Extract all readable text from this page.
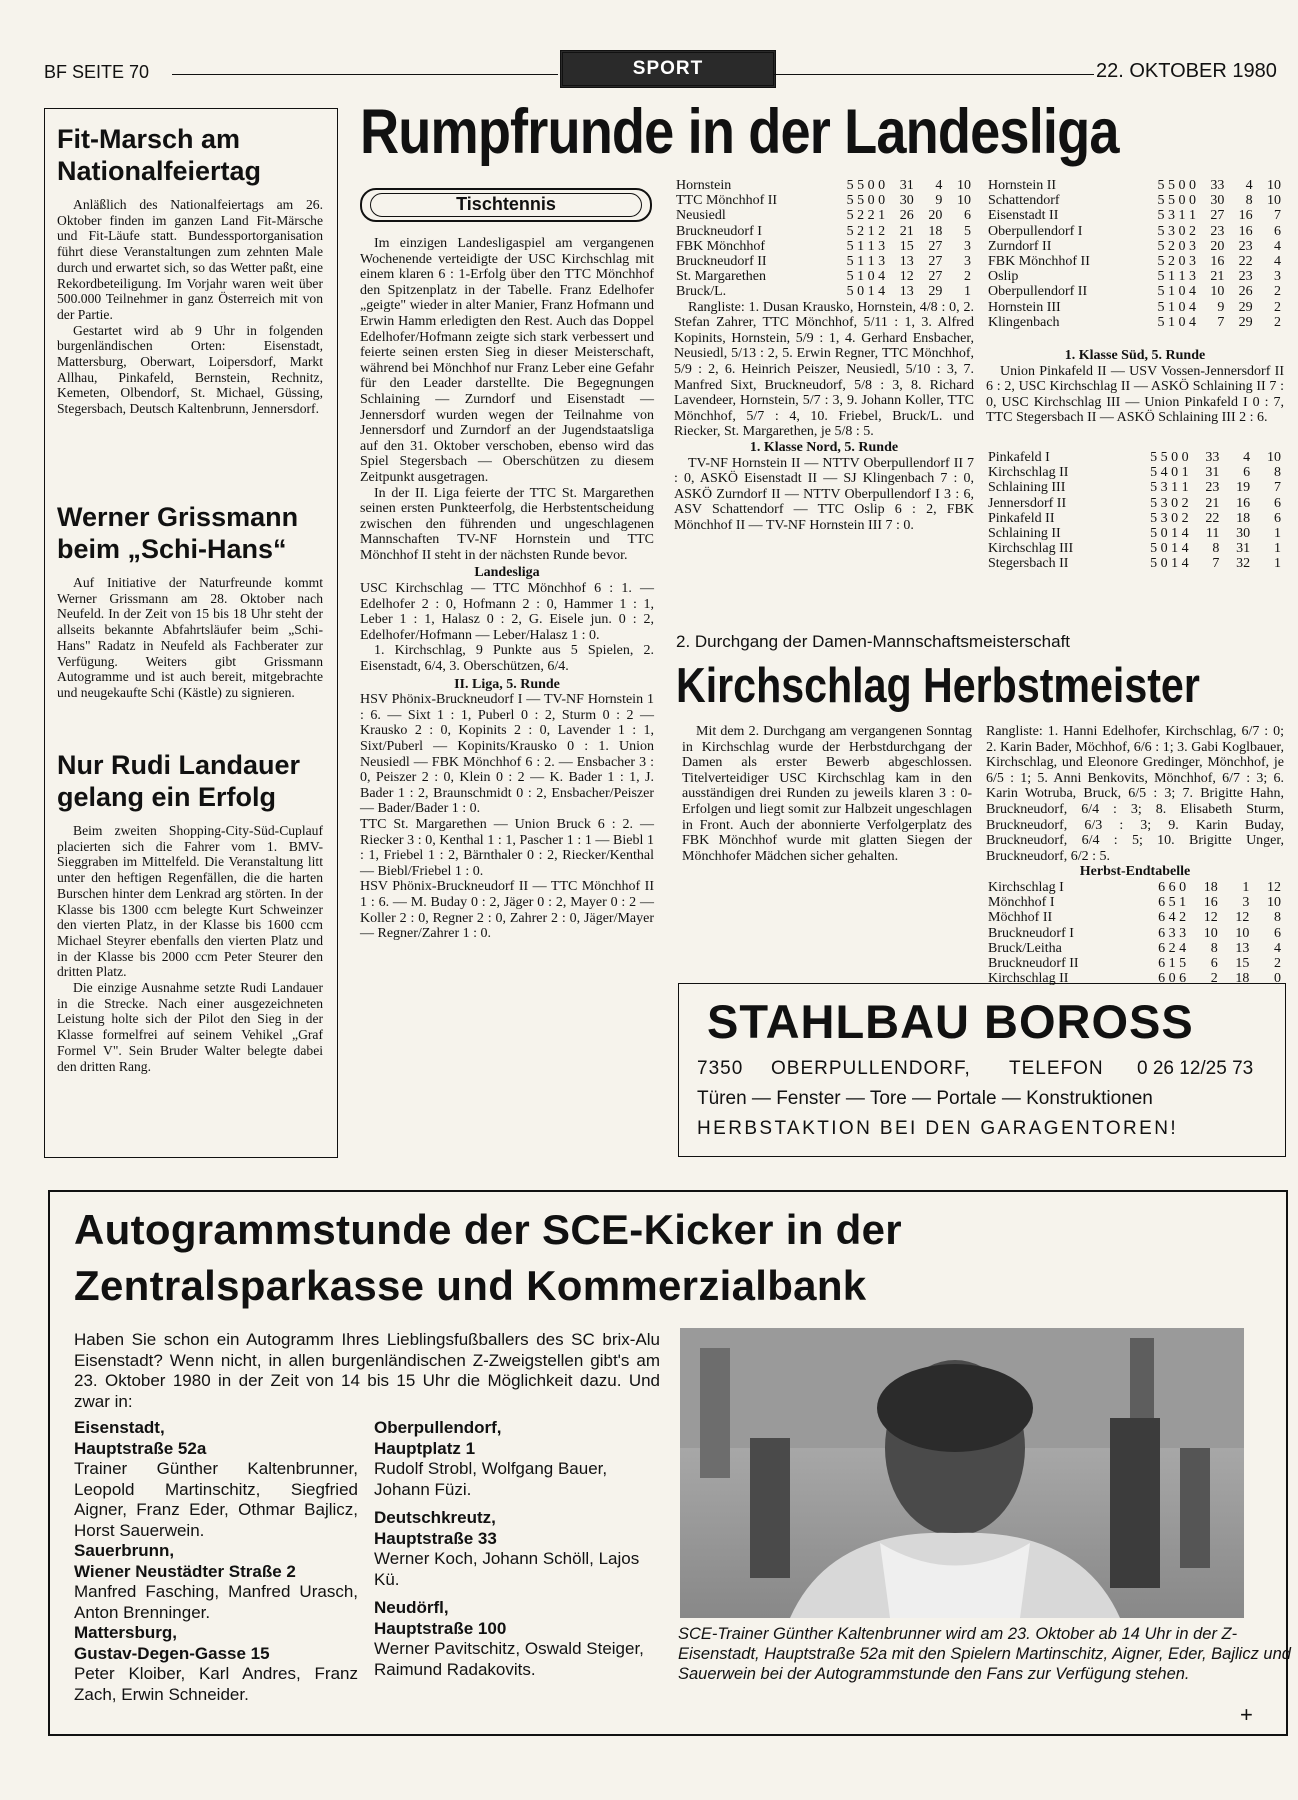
BF SEITE 70	SPORT	22. OKTOBER 1980
Fit-Marsch am Nationalfeiertag

Anläßlich des Nationalfeiertags am 26. Oktober finden im ganzen Land Fit-Märsche und Fit-Läufe statt. Bundessportorganisation führt diese Veranstaltungen zum zehnten Male durch und erwartet sich, so das Wetter paßt, eine Rekordbeteiligung. Im Vorjahr waren weit über 500.000 Teilnehmer in ganz Österreich mit von der Partie.

Gestartet wird ab 9 Uhr in folgenden burgenländischen Orten: Eisenstadt, Mattersburg, Oberwart, Loipersdorf, Markt Allhau, Pinkafeld, Bernstein, Rechnitz, Kemeten, Olbendorf, St. Michael, Güssing, Stegersbach, Deutsch Kaltenbrunn, Jennersdorf.

Werner Grissmann beim „Schi-Hans“

Auf Initiative der Naturfreunde kommt Werner Grissmann am 28. Oktober nach Neufeld. In der Zeit von 15 bis 18 Uhr steht der allseits bekannte Abfahrtsläufer beim „Schi-Hans" Radatz in Neufeld als Fachberater zur Verfügung. Weiters gibt Grissmann Autogramme und ist auch bereit, mitgebrachte und neugekaufte Schi (Kästle) zu signieren.

Nur Rudi Landauer gelang ein Erfolg

Beim zweiten Shopping-City-Süd-Cuplauf placierten sich die Fahrer vom 1. BMV-Sieggraben im Mittelfeld. Die Veranstaltung litt unter den heftigen Regenfällen, die die harten Burschen hinter dem Lenkrad arg störten. In der Klasse bis 1300 ccm belegte Kurt Schweinzer den vierten Platz, in der Klasse bis 1600 ccm Michael Steyrer ebenfalls den vierten Platz und in der Klasse bis 2000 ccm Peter Steurer den dritten Platz.

Die einzige Ausnahme setzte Rudi Landauer in die Strecke. Nach einer ausgezeichneten Leistung holte sich der Pilot den Sieg in der Klasse formelfrei auf seinem Vehikel „Graf Formel V". Sein Bruder Walter belegte dabei den dritten Rang.

Rumpfrunde in der Landesliga
Tischtennis

Im einzigen Landesligaspiel am vergangenen Wochenende verteidigte der USC Kirchschlag mit einem klaren 6 : 1-Erfolg über den TTC Mönchhof den Spitzenplatz in der Tabelle. Franz Edelhofer „geigte" wieder in alter Manier, Franz Hofmann und Erwin Hamm erledigten den Rest. Auch das Doppel Edelhofer/Hofmann zeigte sich stark verbessert und feierte seinen ersten Sieg in dieser Meisterschaft, während bei Mönchhof nur Franz Leber eine Gefahr für den Leader darstellte. Die Begegnungen Schlaining — Zurndorf und Eisenstadt — Jennersdorf wurden wegen der Teilnahme von Jennersdorf und Zurndorf an der Jugendstaatsliga auf den 31. Oktober verschoben, ebenso wird das Spiel Stegersbach — Oberschützen zu diesem Zeitpunkt ausgetragen.

In der II. Liga feierte der TTC St. Margarethen seinen ersten Punkteerfolg, die Herbstentscheidung zwischen den führenden und ungeschlagenen Mannschaften TV-NF Hornstein und TTC Mönchhof II steht in der nächsten Runde bevor.

Landesliga

USC Kirchschlag — TTC Mönchhof 6 : 1. — Edelhofer 2 : 0, Hofmann 2 : 0, Hammer 1 : 1, Leber 1 : 1, Halasz 0 : 2, G. Eisele jun. 0 : 2, Edelhofer/Hofmann — Leber/Halasz 1 : 0.

1. Kirchschlag, 9 Punkte aus 5 Spielen, 2. Eisenstadt, 6/4, 3. Oberschützen, 6/4.

II. Liga, 5. Runde

HSV Phönix-Bruckneudorf I — TV-NF Hornstein 1 : 6. — Sixt 1 : 1, Puberl 0 : 2, Sturm 0 : 2 — Krausko 2 : 0, Kopinits 2 : 0, Lavender 1 : 1, Sixt/Puberl — Kopinits/Krausko 0 : 1. Union Neusiedl — FBK Mönchhof 6 : 2. — Ensbacher 3 : 0, Peiszer 2 : 0, Klein 0 : 2 — K. Bader 1 : 1, J. Bader 1 : 2, Braunschmidt 0 : 2, Ensbacher/Peiszer — Bader/Bader 1 : 0.

TTC St. Margarethen — Union Bruck 6 : 2. — Riecker 3 : 0, Kenthal 1 : 1, Pascher 1 : 1 — Biebl 1 : 1, Friebel 1 : 2, Bärnthaler 0 : 2, Riecker/Kenthal — Biebl/Friebel 1 : 0.

HSV Phönix-Bruckneudorf II — TTC Mönchhof II 1 : 6. — M. Buday 0 : 2, Jäger 0 : 2, Mayer 0 : 2 — Koller 2 : 0, Regner 2 : 0, Zahrer 2 : 0, Jäger/Mayer — Regner/Zahrer 1 : 0.

Hornstein	5 5 0 0	31	4	10
TTC Mönchhof II	5 5 0 0	30	9	10
Neusiedl	5 2 2 1	26	20	6
Bruckneudorf I	5 2 1 2	21	18	5
FBK Mönchhof	5 1 1 3	15	27	3
Bruckneudorf II	5 1 1 3	13	27	3
St. Margarethen	5 1 0 4	12	27	2
Bruck/L.	5 0 1 4	13	29	1

Rangliste: 1. Dusan Krausko, Hornstein, 4/8 : 0, 2. Stefan Zahrer, TTC Mönchhof, 5/11 : 1, 3. Alfred Kopinits, Hornstein, 5/9 : 1, 4. Gerhard Ensbacher, Neusiedl, 5/13 : 2, 5. Erwin Regner, TTC Mönchhof, 5/9 : 2, 6. Heinrich Peiszer, Neusiedl, 5/10 : 3, 7. Manfred Sixt, Bruckneudorf, 5/8 : 3, 8. Richard Lavendeer, Hornstein, 5/7 : 3, 9. Johann Koller, TTC Mönchhof, 5/7 : 4, 10. Friebel, Bruck/L. und Riecker, St. Margarethen, je 5/8 : 5.

1. Klasse Nord, 5. Runde

TV-NF Hornstein II — NTTV Oberpullendorf II 7 : 0, ASKÖ Eisenstadt II — SJ Klingenbach 7 : 0, ASKÖ Zurndorf II — NTTV Oberpullendorf I 3 : 6, ASV Schattendorf — TTC Oslip 6 : 2, FBK Mönchhof II — TV-NF Hornstein III 7 : 0.

Hornstein II	5 5 0 0	33	4	10
Schattendorf	5 5 0 0	30	8	10
Eisenstadt II	5 3 1 1	27	16	7
Oberpullendorf I	5 3 0 2	23	16	6
Zurndorf II	5 2 0 3	20	23	4
FBK Mönchhof II	5 2 0 3	16	22	4
Oslip	5 1 1 3	21	23	3
Oberpullendorf II	5 1 0 4	10	26	2
Hornstein III	5 1 0 4	9	29	2
Klingenbach	5 1 0 4	7	29	2
1. Klasse Süd, 5. Runde

Union Pinkafeld II — USV Vossen-Jennersdorf II 6 : 2, USC Kirchschlag II — ASKÖ Schlaining II 7 : 0, USC Kirchschlag III — Union Pinkafeld I 0 : 7, TTC Stegersbach II — ASKÖ Schlaining III 2 : 6.

Pinkafeld I	5 5 0 0	33	4	10
Kirchschlag II	5 4 0 1	31	6	8
Schlaining III	5 3 1 1	23	19	7
Jennersdorf II	5 3 0 2	21	16	6
Pinkafeld II	5 3 0 2	22	18	6
Schlaining II	5 0 1 4	11	30	1
Kirchschlag III	5 0 1 4	8	31	1
Stegersbach II	5 0 1 4	7	32	1
2. Durchgang der Damen-Mannschaftsmeisterschaft
Kirchschlag Herbstmeister

Mit dem 2. Durchgang am vergangenen Sonntag in Kirchschlag wurde der Herbstdurchgang der Damen als erster Bewerb abgeschlossen. Titelverteidiger USC Kirchschlag kam in den ausständigen drei Runden zu jeweils klaren 3 : 0-Erfolgen und liegt somit zur Halbzeit ungeschlagen in Front. Auch der abonnierte Verfolgerplatz des FBK Mönchhof wurde mit glatten Siegen der Mönchhofer Mädchen sicher gehalten.

Rangliste: 1. Hanni Edelhofer, Kirchschlag, 6/7 : 0; 2. Karin Bader, Möchhof, 6/6 : 1; 3. Gabi Koglbauer, Kirchschlag, und Eleonore Gredinger, Mönchhof, je 6/5 : 1; 5. Anni Benkovits, Mönchhof, 6/7 : 3; 6. Karin Wotruba, Bruck, 6/5 : 3; 7. Brigitte Hahn, Bruckneudorf, 6/4 : 3; 8. Elisabeth Sturm, Bruckneudorf, 6/3 : 3; 9. Karin Buday, Bruckneudorf, 6/4 : 5; 10. Brigitte Unger, Bruckneudorf, 6/2 : 5.

Herbst-Endtabelle
Kirchschlag I	6 6 0	18	1	12
Mönchhof I	6 5 1	16	3	10
Möchhof II	6 4 2	12	12	8
Bruckneudorf I	6 3 3	10	10	6
Bruck/Leitha	6 2 4	8	13	4
Bruckneudorf II	6 1 5	6	15	2
Kirchschlag II	6 0 6	2	18	0
STAHLBAU BOROSS
7350 OBERPULLENDORF, TELEFON 0 26 12/25 73
Türen — Fenster — Tore — Portale — Konstruktionen
HERBSTAKTION BEI DEN GARAGENTOREN!
Autogrammstunde der SCE-Kicker in der
Zentralsparkasse und Kommerzialbank
Haben Sie schon ein Autogramm Ihres Lieblingsfußballers des SC brix-Alu Eisenstadt? Wenn nicht, in allen burgenländischen Z-Zweigstellen gibt's am 23. Oktober 1980 in der Zeit von 14 bis 15 Uhr die Möglichkeit dazu. Und zwar in:
Eisenstadt,
Hauptstraße 52a
Trainer Günther Kaltenbrunner, Leopold Martinschitz, Siegfried Aigner, Franz Eder, Othmar Bajlicz, Horst Sauerwein.
Sauerbrunn,
Wiener Neustädter Straße 2
Manfred Fasching, Manfred Urasch, Anton Brenninger.
Mattersburg,
Gustav-Degen-Gasse 15
Peter Kloiber, Karl Andres, Franz Zach, Erwin Schneider.
Oberpullendorf,
Hauptplatz 1
Rudolf Strobl, Wolfgang Bauer, Johann Füzi.
Deutschkreutz,
Hauptstraße 33
Werner Koch, Johann Schöll, Lajos Kü.
Neudörfl,
Hauptstraße 100
Werner Pavitschitz, Oswald Steiger, Raimund Radakovits.
SCE-Trainer Günther Kaltenbrunner wird am 23. Oktober ab 14 Uhr in der Z-Eisenstadt, Hauptstraße 52a mit den Spielern Martinschitz, Aigner, Eder, Bajlicz und Sauerwein bei der Autogrammstunde den Fans zur Verfügung stehen.
+
